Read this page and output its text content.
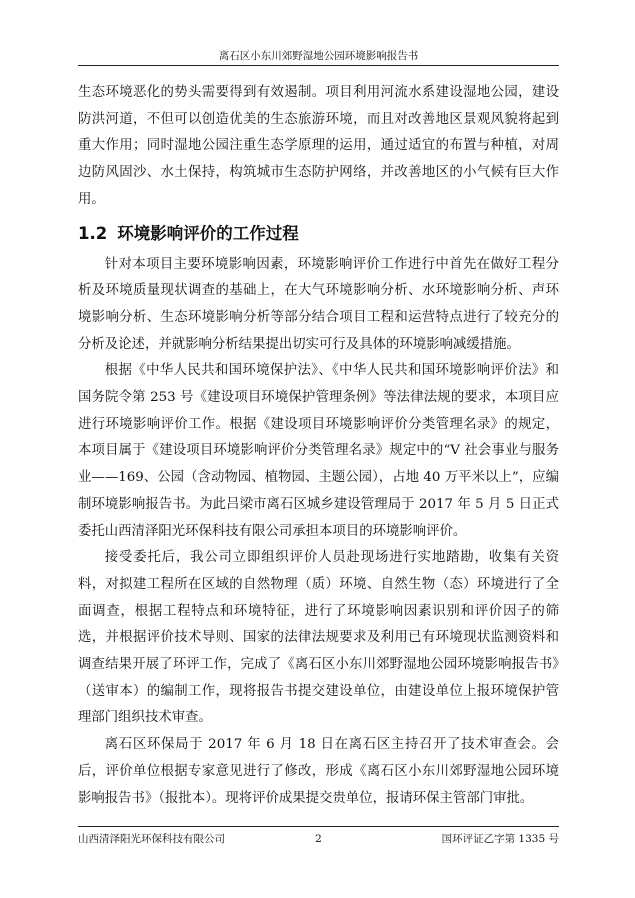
离石区小东川郊野湿地公园环境影响报告书

生态环境恶化的势头需要得到有效遏制。项目利用河流水系建设湿地公园，建设防洪河道，不但可以创造优美的生态旅游环境，而且对改善地区景观风貌将起到重大作用；同时湿地公园注重生态学原理的运用，通过适宜的布置与种植，对周边防风固沙、水土保持，构筑城市生态防护网络，并改善地区的小气候有巨大作用。

1.2 环境影响评价的工作过程

针对本项目主要环境影响因素，环境影响评价工作进行中首先在做好工程分析及环境质量现状调查的基础上，在大气环境影响分析、水环境影响分析、声环境影响分析、生态环境影响分析等部分结合项目工程和运营特点进行了较充分的分析及论述，并就影响分析结果提出切实可行及具体的环境影响减缓措施。

根据《中华人民共和国环境保护法》、《中华人民共和国环境影响评价法》和国务院令第 253 号《建设项目环境保护管理条例》等法律法规的要求，本项目应进行环境影响评价工作。根据《建设项目环境影响评价分类管理名录》的规定，本项目属于《建设项目环境影响评价分类管理名录》规定中的“V 社会事业与服务业——169、公园（含动物园、植物园、主题公园），占地 40 万平米以上”，应编制环境影响报告书。为此吕梁市离石区城乡建设管理局于 2017 年 5 月 5 日正式委托山西清泽阳光环保科技有限公司承担本项目的环境影响评价。

接受委托后，我公司立即组织评价人员赴现场进行实地踏勘，收集有关资料，对拟建工程所在区域的自然物理（质）环境、自然生物（态）环境进行了全面调查，根据工程特点和环境特征，进行了环境影响因素识别和评价因子的筛选，并根据评价技术导则、国家的法律法规要求及利用已有环境现状监测资料和调查结果开展了环评工作，完成了《离石区小东川郊野湿地公园环境影响报告书》（送审本）的编制工作，现将报告书提交建设单位，由建设单位上报环境保护管理部门组织技术审查。

离石区环保局于 2017 年 6 月 18 日在离石区主持召开了技术审查会。会后，评价单位根据专家意见进行了修改，形成《离石区小东川郊野湿地公园环境影响报告书》（报批本）。现将评价成果提交贵单位，报请环保主管部门审批。

山西清泽阳光环保科技有限公司	2	国环评证乙字第 1335 号
